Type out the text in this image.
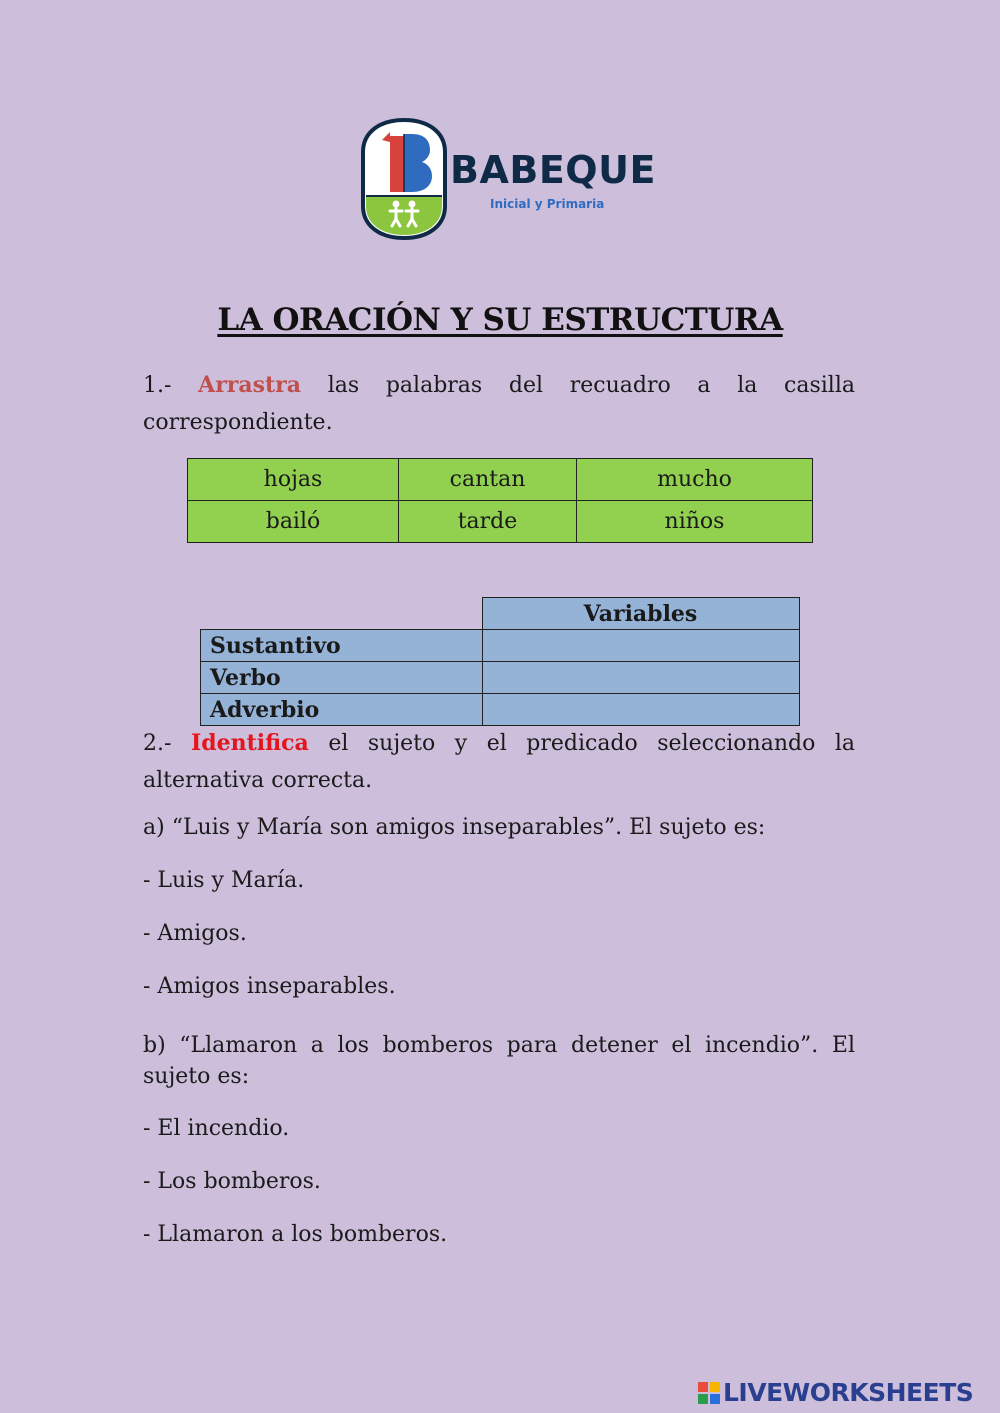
BABEQUE
Inicial y Primaria
LA ORACIÓN Y SU ESTRUCTURA
1.- Arrastra las palabras del recuadro a la casilla
correspondiente.
hojas	cantan	mucho
bailó	tarde	niños
	Variables
Sustantivo	
Verbo	
Adverbio	
2.- Identifica el sujeto y el predicado seleccionando la
alternativa correcta.
a) “Luis y María son amigos inseparables”. El sujeto es:
- Luis y María.
- Amigos.
- Amigos inseparables.
b) “Llamaron a los bomberos para detener el incendio”. El
sujeto es:
- El incendio.
- Los bomberos.
- Llamaron a los bomberos.
LIVEWORKSHEETS
